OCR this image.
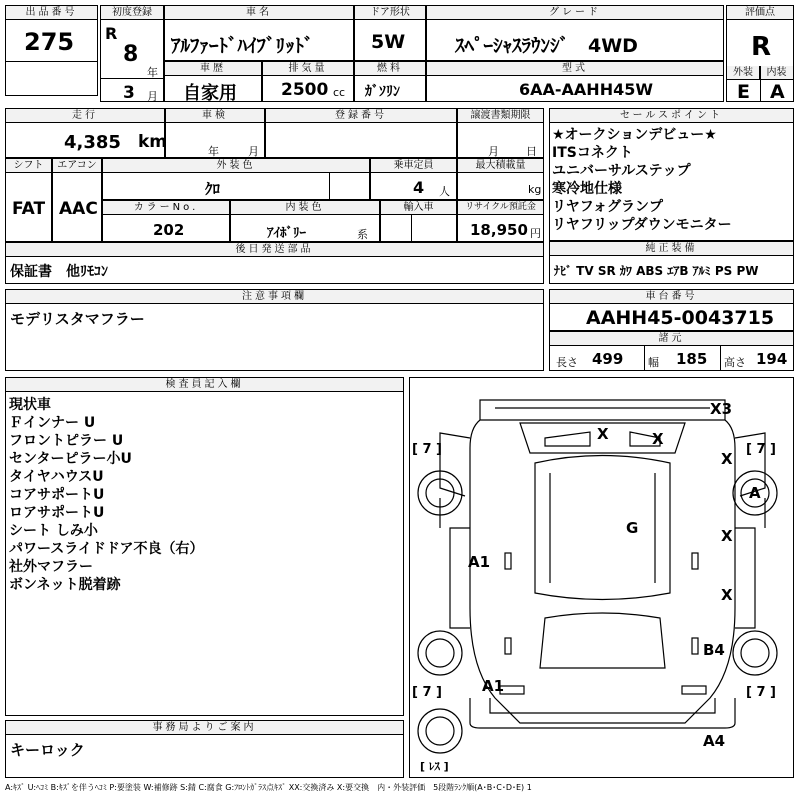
出品番号
275
初度登録
R
8
年
3 月
車名
ｱﾙﾌｧｰﾄﾞﾊｲﾌﾞﾘｯﾄﾞ
ドア形状
5W
グレード
ｽﾍﾟｰｼｬｽﾗｳﾝｼﾞ　4WD
評価点
R
外装	内装
E A
車歴
自家用
排気量
2500 cc
燃料
ｶﾞｿﾘﾝ
型式
6AA-AAHH45W
走行
4,385 km
車検
年	月
登録番号	譲渡書類期限
月 日
シフト
FAT
エアコン
AAC
外装色
ｸﾛ
乗車定員
4 人
最大積載量
kg
カラーNo.
202
内装色
ｱｲﾎﾞﾘｰ	系
輸入車	リサイクル預託金
18,950 円
後日発送部品
保証書　他ﾘﾓｺﾝ
セールスポイント
★オークションデビュー★
ITSコネクト
ユニバーサルステップ
寒冷地仕様
リヤフォグランプ
リヤフリップダウンモニター
純正装備
ﾅﾋﾞ TV SR ｶﾜ ABS ｴｱB ｱﾙﾐ PS PW
注意事項欄
モデリスタマフラー
車台番号
AAHH45-0043715
諸元
長さ 499 幅 185 高さ 194
検査員記入欄
現状車
Ｆインナー U
フロントピラー U
センターピラー小U
タイヤハウスU
コアサポートU
ロアサポートU
シート しみ小
パワースライドドア不良（右）
社外マフラー
ボンネット脱着跡
事務局よりご案内
キーロック
X3
X	X
X
A
G	X
X
A1
B4
A1
A4
[ 7 ]	[ 7 ]
[ 7 ]	[ 7 ]
[ ﾚｽ ]
A:ｷｽﾞ U:ﾍｺﾐ B:ｷｽﾞを伴うﾍｺﾐ P:要塗装 W:補修跡 S:錆 C:腐食 G:ﾌﾛﾝﾄｶﾞﾗｽ点ｷｽﾞ XX:交換済み X:要交換　内・外装評価　5段階ﾗﾝｸ順(A･B･C･D･E) 1
